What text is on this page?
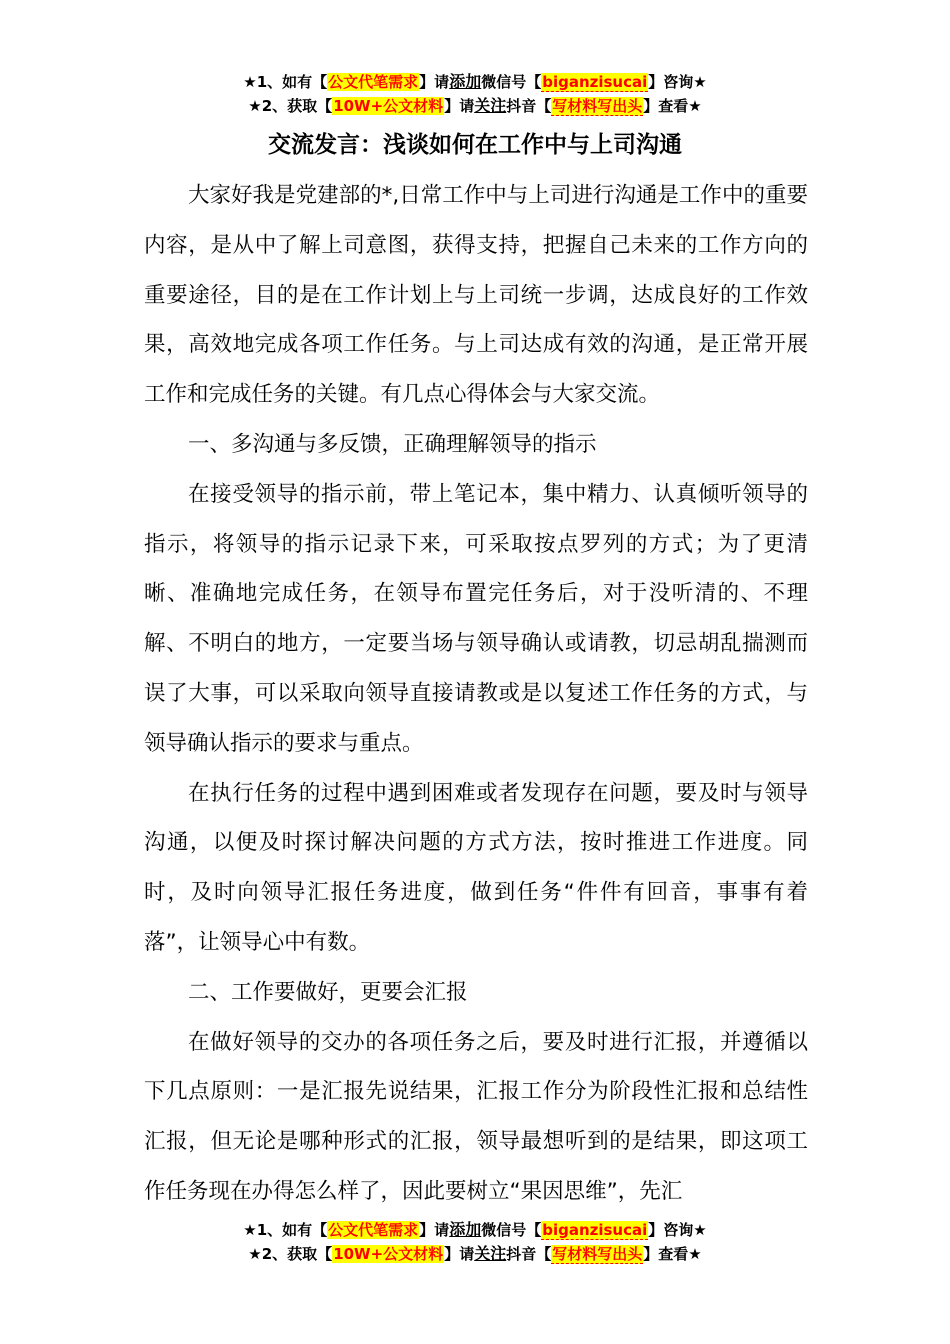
★1、如有【公文代笔需求】请添加微信号【biganzisucai】咨询★
★2、获取【10W+公文材料】请关注抖音【写材料写出头】查看★
交流发言：浅谈如何在工作中与上司沟通

大家好我是党建部的*,日常工作中与上司进行沟通是工作中的重要内容，是从中了解上司意图，获得支持，把握自己未来的工作方向的重要途径，目的是在工作计划上与上司统一步调，达成良好的工作效果，高效地完成各项工作任务。与上司达成有效的沟通，是正常开展工作和完成任务的关键。有几点心得体会与大家交流。

一、多沟通与多反馈，正确理解领导的指示

在接受领导的指示前，带上笔记本，集中精力、认真倾听领导的指示，将领导的指示记录下来，可采取按点罗列的方式；为了更清晰、准确地完成任务，在领导布置完任务后，对于没听清的、不理解、不明白的地方，一定要当场与领导确认或请教，切忌胡乱揣测而误了大事，可以采取向领导直接请教或是以复述工作任务的方式，与领导确认指示的要求与重点。

在执行任务的过程中遇到困难或者发现存在问题，要及时与领导沟通，以便及时探讨解决问题的方式方法，按时推进工作进度。同时，及时向领导汇报任务进度，做到任务“件件有回音，事事有着落”，让领导心中有数。

二、工作要做好，更要会汇报

在做好领导的交办的各项任务之后，要及时进行汇报，并遵循以下几点原则：一是汇报先说结果，汇报工作分为阶段性汇报和总结性汇报，但无论是哪种形式的汇报，领导最想听到的是结果，即这项工作任务现在办得怎么样了，因此要树立“果因思维”，先汇

★1、如有【公文代笔需求】请添加微信号【biganzisucai】咨询★
★2、获取【10W+公文材料】请关注抖音【写材料写出头】查看★
